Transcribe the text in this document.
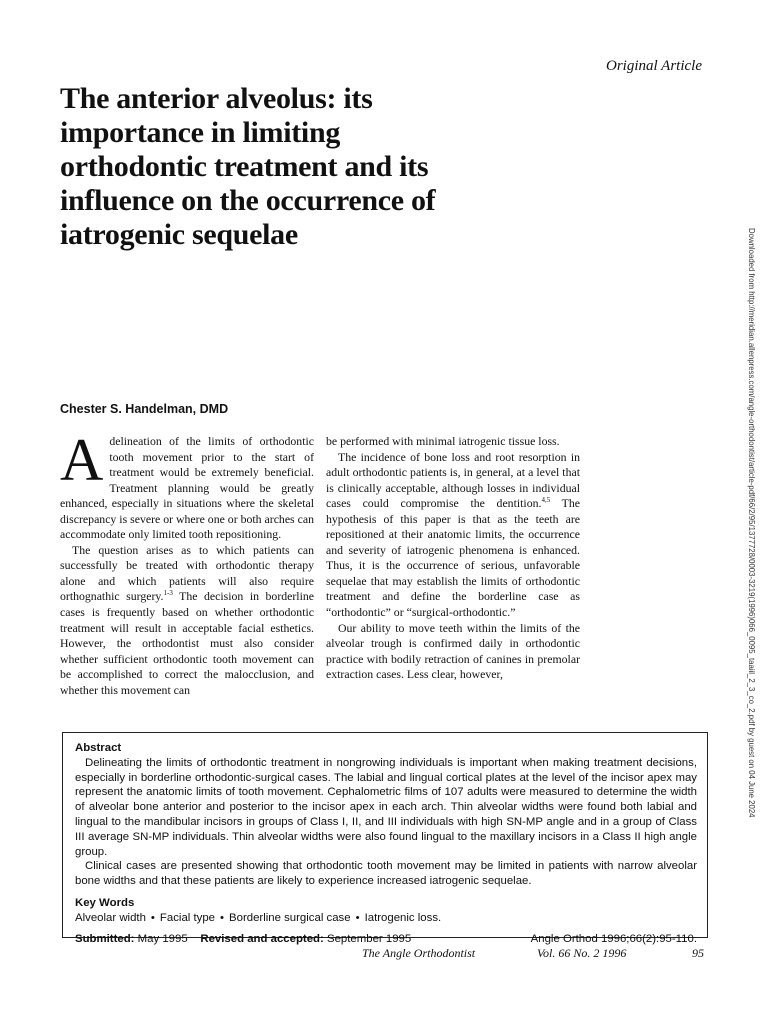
Original Article
The anterior alveolus: its importance in limiting orthodontic treatment and its influence on the occurrence of iatrogenic sequelae
Chester S. Handelman, DMD

Adelineation of the limits of orthodontic tooth movement prior to the start of treatment would be extremely beneficial. Treatment planning would be greatly enhanced, especially in situations where the skeletal discrepancy is severe or where one or both arches can accommodate only limited tooth repositioning.

The question arises as to which patients can successfully be treated with orthodontic therapy alone and which patients will also require orthognathic surgery.$^{1-3}$ The decision in borderline cases is frequently based on whether orthodontic treatment will result in acceptable facial esthetics. However, the orthodontist must also consider whether sufficient orthodontic tooth movement can be accomplished to correct the malocclusion, and whether this movement can

be performed with minimal iatrogenic tissue loss.

The incidence of bone loss and root resorption in adult orthodontic patients is, in general, at a level that is clinically acceptable, although losses in individual cases could compromise the dentition.$^{4,5}$ The hypothesis of this paper is that as the teeth are repositioned at their anatomic limits, the occurrence and severity of iatrogenic phenomena is enhanced. Thus, it is the occurrence of serious, unfavorable sequelae that may establish the limits of orthodontic treatment and define the borderline case as “orthodontic” or “surgical-orthodontic.”

Our ability to move teeth within the limits of the alveolar trough is confirmed daily in orthodontic practice with bodily retraction of canines in premolar extraction cases. Less clear, however,

Abstract

Delineating the limits of orthodontic treatment in nongrowing individuals is important when making treatment decisions, especially in borderline orthodontic-surgical cases. The labial and lingual cortical plates at the level of the incisor apex may represent the anatomic limits of tooth movement. Cephalometric films of 107 adults were measured to determine the width of alveolar bone anterior and posterior to the incisor apex in each arch. Thin alveolar widths were found both labial and lingual to the mandibular incisors in groups of Class I, II, and III individuals with high SN-MP angle and in a group of Class III average SN-MP individuals. Thin alveolar widths were also found lingual to the maxillary incisors in a Class II high angle group.

Clinical cases are presented showing that orthodontic tooth movement may be limited in patients with narrow alveolar bone widths and that these patients are likely to experience increased iatrogenic sequelae.

Key Words

Alveolar width • Facial type • Borderline surgical case • Iatrogenic loss.

Submitted: May 1995 Revised and accepted: September 1995	Angle Orthod 1996;66(2):95-110.
The Angle Orthodontist	Vol. 66 No. 2 1996	95
Downloaded from http://meridian.allenpress.com/angle-orthodontist/article-pdf/66/2/95/1377728/0003-3219(1996)066_0095_taaiil_2_3_co_2.pdf by guest on 04 June 2024
